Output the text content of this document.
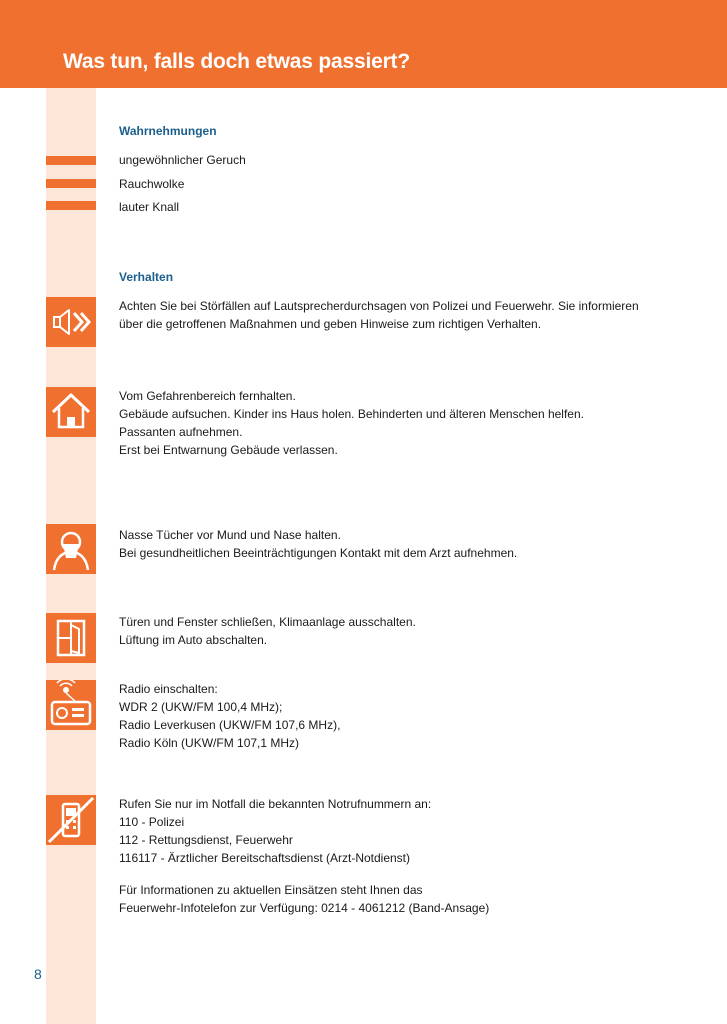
Was tun, falls doch etwas passiert?
Wahrnehmungen
ungewöhnlicher Geruch
Rauchwolke
lauter Knall
Verhalten
Achten Sie bei Störfällen auf Lautsprecherdurchsagen von Polizei und Feuerwehr. Sie informieren
über die getroffenen Maßnahmen und geben Hinweise zum richtigen Verhalten.
Vom Gefahrenbereich fernhalten.
Gebäude aufsuchen. Kinder ins Haus holen. Behinderten und älteren Menschen helfen.
Passanten aufnehmen.
Erst bei Entwarnung Gebäude verlassen.
Nasse Tücher vor Mund und Nase halten.
Bei gesundheitlichen Beeinträchtigungen Kontakt mit dem Arzt aufnehmen.
Türen und Fenster schließen, Klimaanlage ausschalten.
Lüftung im Auto abschalten.
Radio einschalten:
WDR 2 (UKW/FM 100,4 MHz);
Radio Leverkusen (UKW/FM 107,6 MHz),
Radio Köln (UKW/FM 107,1 MHz)
Rufen Sie nur im Notfall die bekannten Notrufnummern an:
110 - Polizei
112 - Rettungsdienst, Feuerwehr
116117 - Ärztlicher Bereitschaftsdienst (Arzt-Notdienst)
Für Informationen zu aktuellen Einsätzen steht Ihnen das
Feuerwehr-Infotelefon zur Verfügung: 0214 - 4061212 (Band-Ansage)
8
